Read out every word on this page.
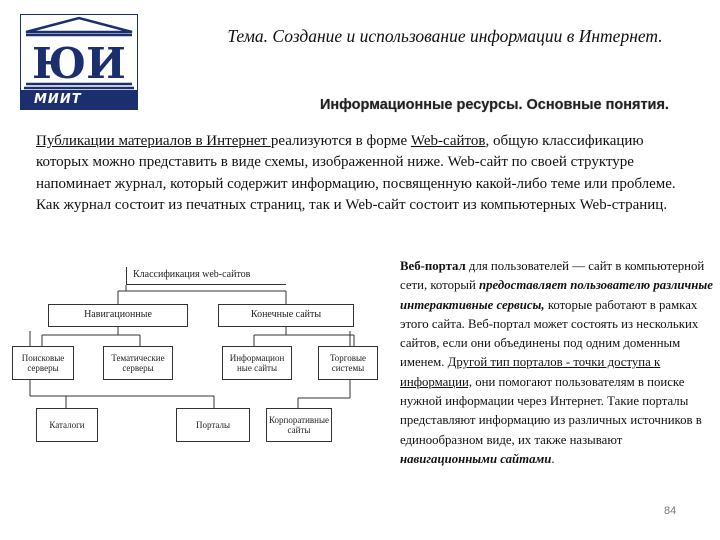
ЮИ
МИИТ
Тема. Создание и использование информации в Интернет.
Информационные ресурсы. Основные понятия.
Публикации материалов в Интернет реализуются в форме Web-сайтов, общую классификацию которых можно представить в виде схемы, изображенной ниже. Web-сайт по своей структуре напоминает журнал, который содержит информацию, посвященную какой-либо теме или проблеме. Как журнал состоит из печатных страниц, так и Web-сайт состоит из компьютерных Web-страниц.
Классификация web-сайтов
Навигационные	Конечные сайты
Поисковые серверы
Тематические серверы
Информацион ные сайты
Торговые системы
Каталоги	Порталы
Корпоративные сайты
Веб-портал для пользователей — сайт в компьютерной сети, который предоставляет пользователю различные интерактивные сервисы, которые работают в рамках этого сайта. Веб-портал может состоять из нескольких сайтов, если они объединены под одним доменным именем. Другой тип порталов - точки доступа к информации, они помогают пользователям в поиске нужной информации через Интернет. Такие порталы представляют информацию из различных источников в единообразном виде, их также называют навигационными сайтами.
84
